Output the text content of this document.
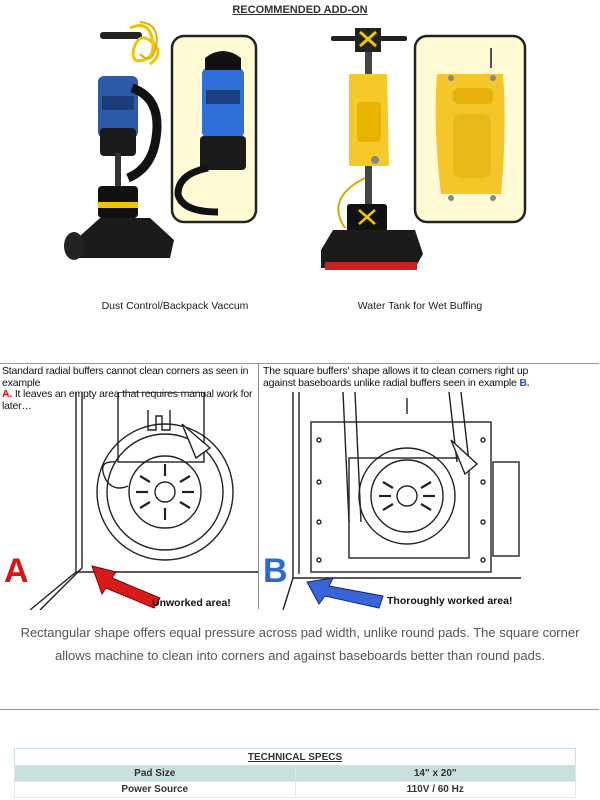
RECOMMENDED ADD-ON
Dust Control/Backpack Vaccum	Water Tank for Wet Buffing
Standard radial buffers cannot clean corners as seen in example
A. It leaves an empty area that requires manual work for later…
The square buffers' shape allows it to clean corners right up
against baseboards unlike radial buffers seen in example B.
A
Unworked area!
B
Thoroughly worked area!
Rectangular shape offers equal pressure across pad width, unlike round pads. The square corner allows machine to clean into corners and against baseboards better than round pads.
TECHNICAL SPECS	
Pad Size	14" x 20"
Power Source	110V / 60 Hz
